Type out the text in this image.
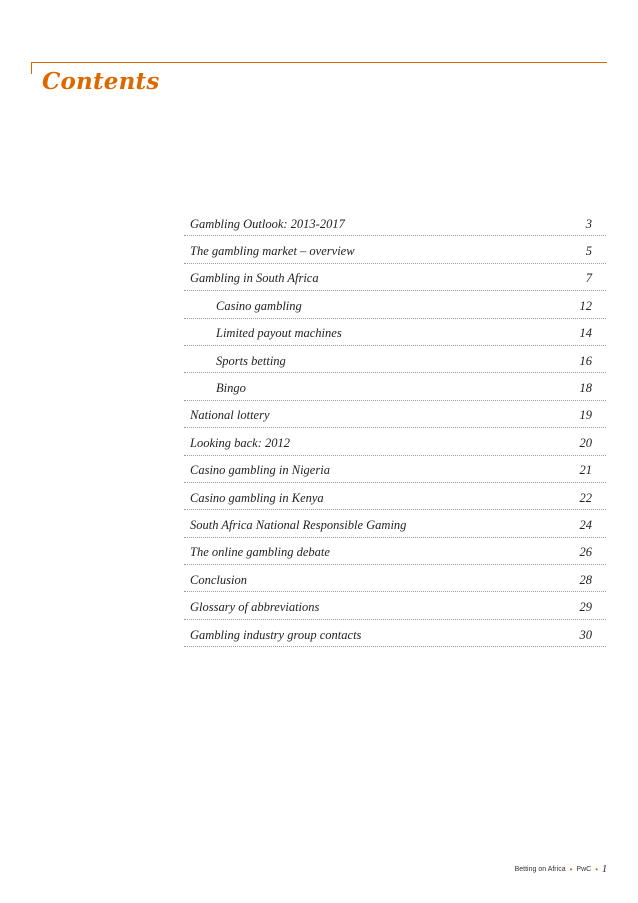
Contents
Gambling Outlook: 2013-2017	3
The gambling market – overview	5
Gambling in South Africa	7
Casino gambling	12
Limited payout machines	14
Sports betting	16
Bingo	18
National lottery	19
Looking back: 2012	20
Casino gambling in Nigeria	21
Casino gambling in Kenya	22
South Africa National Responsible Gaming	24
The online gambling debate	26
Conclusion	28
Glossary of abbreviations	29
Gambling industry group contacts	30
Betting on Africa • PwC • 1
